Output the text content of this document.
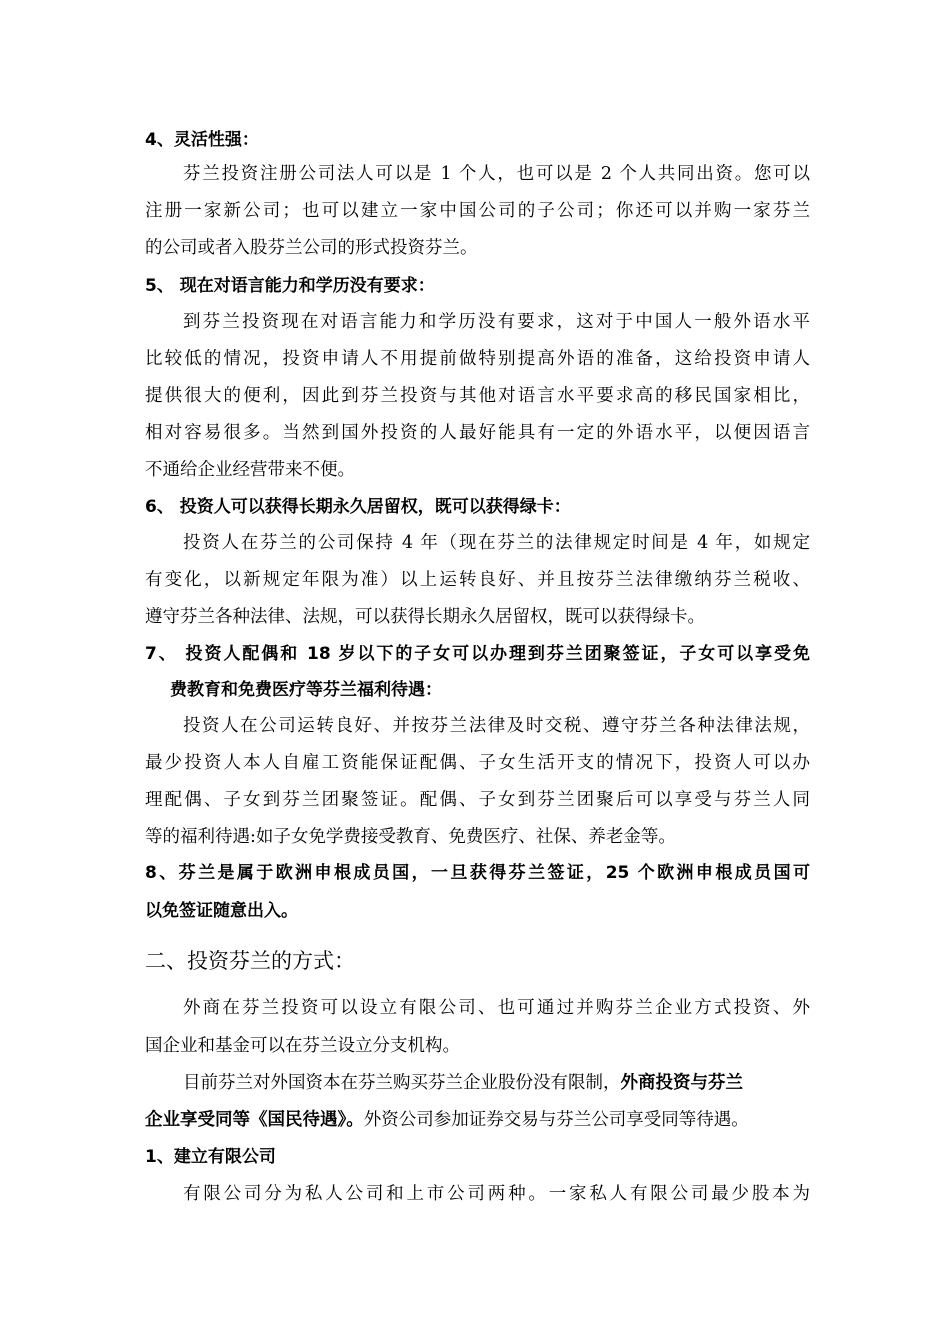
4、灵活性强：
芬兰投资注册公司法人可以是 1 个人，也可以是 2 个人共同出资。您可以
注册一家新公司；也可以建立一家中国公司的子公司；你还可以并购一家芬兰
的公司或者入股芬兰公司的形式投资芬兰。
5、 现在对语言能力和学历没有要求：
到芬兰投资现在对语言能力和学历没有要求，这对于中国人一般外语水平
比较低的情况，投资申请人不用提前做特别提高外语的准备，这给投资申请人
提供很大的便利，因此到芬兰投资与其他对语言水平要求高的移民国家相比，
相对容易很多。当然到国外投资的人最好能具有一定的外语水平，以便因语言
不通给企业经营带来不便。
6、 投资人可以获得长期永久居留权，既可以获得绿卡：
投资人在芬兰的公司保持 4 年（现在芬兰的法律规定时间是 4 年，如规定
有变化，以新规定年限为准）以上运转良好、并且按芬兰法律缴纳芬兰税收、
遵守芬兰各种法律、法规，可以获得长期永久居留权，既可以获得绿卡。
7、 投资人配偶和 18 岁以下的子女可以办理到芬兰团聚签证，子女可以享受免
费教育和免费医疗等芬兰福利待遇：
投资人在公司运转良好、并按芬兰法律及时交税、遵守芬兰各种法律法规，
最少投资人本人自雇工资能保证配偶、子女生活开支的情况下，投资人可以办
理配偶、子女到芬兰团聚签证。配偶、子女到芬兰团聚后可以享受与芬兰人同
等的福利待遇:如子女免学费接受教育、免费医疗、社保、养老金等。
8、芬兰是属于欧洲申根成员国，一旦获得芬兰签证，25 个欧洲申根成员国可
以免签证随意出入。
二、投资芬兰的方式：
外商在芬兰投资可以设立有限公司、也可通过并购芬兰企业方式投资、外
国企业和基金可以在芬兰设立分支机构。
目前芬兰对外国资本在芬兰购买芬兰企业股份没有限制，外商投资与芬兰
企业享受同等《国民待遇》。外资公司参加证券交易与芬兰公司享受同等待遇。
1、建立有限公司
有限公司分为私人公司和上市公司两种。一家私人有限公司最少股本为
